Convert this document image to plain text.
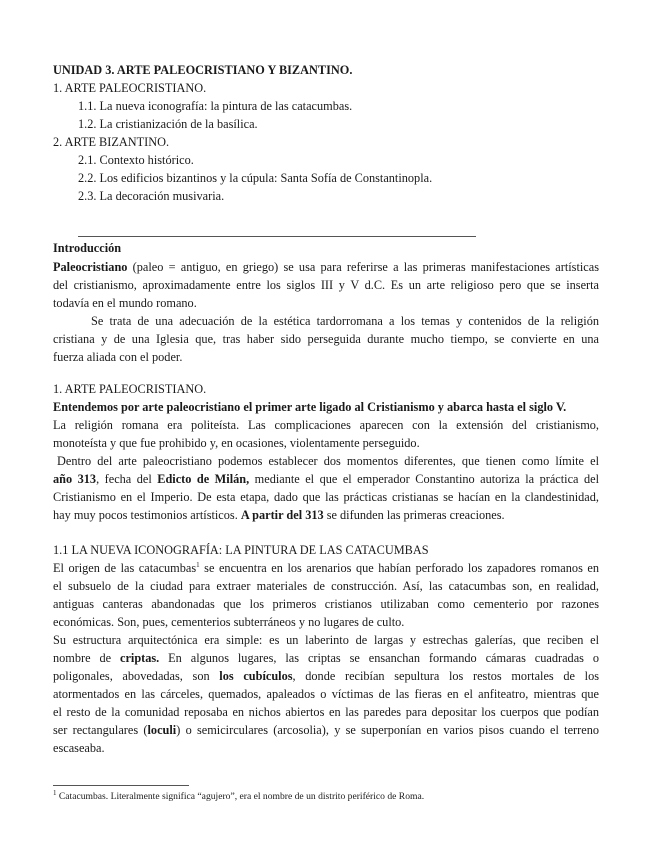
UNIDAD 3. ARTE PALEOCRISTIANO Y BIZANTINO.
1. ARTE PALEOCRISTIANO.
1.1. La nueva iconografía: la pintura de las catacumbas.
1.2. La cristianización de la basílica.
2. ARTE BIZANTINO.
2.1. Contexto histórico.
2.2. Los edificios bizantinos y la cúpula: Santa Sofía de Constantinopla.
2.3. La decoración musivaria.
Introducción
Paleocristiano (paleo = antiguo, en griego) se usa para referirse a las primeras manifestaciones artísticas
del cristianismo, aproximadamente entre los siglos III y V d.C. Es un arte religioso pero que se inserta
todavía en el mundo romano.
Se trata de una adecuación de la estética tardorromana a los temas y contenidos de la religión
cristiana y de una Iglesia que, tras haber sido perseguida durante mucho tiempo, se convierte en una
fuerza aliada con el poder.
1. ARTE PALEOCRISTIANO.
Entendemos por arte paleocristiano el primer arte ligado al Cristianismo y abarca hasta el siglo V.
La religión romana era politeísta. Las complicaciones aparecen con la extensión del cristianismo,
monoteísta y que fue prohibido y, en ocasiones, violentamente perseguido.
Dentro del arte paleocristiano podemos establecer dos momentos diferentes, que tienen como límite el
año 313, fecha del Edicto de Milán, mediante el que el emperador Constantino autoriza la práctica del
Cristianismo en el Imperio. De esta etapa, dado que las prácticas cristianas se hacían en la clandestinidad,
hay muy pocos testimonios artísticos. A partir del 313 se difunden las primeras creaciones.
1.1 LA NUEVA ICONOGRAFÍA: LA PINTURA DE LAS CATACUMBAS
El origen de las catacumbas$^1$ se encuentra en los arenarios que habían perforado los zapadores romanos en
el subsuelo de la ciudad para extraer materiales de construcción. Así, las catacumbas son, en realidad,
antiguas canteras abandonadas que los primeros cristianos utilizaban como cementerio por razones
económicas. Son, pues, cementerios subterráneos y no lugares de culto.
Su estructura arquitectónica era simple: es un laberinto de largas y estrechas galerías, que reciben el
nombre de criptas. En algunos lugares, las criptas se ensanchan formando cámaras cuadradas o
poligonales, abovedadas, son los cubículos, donde recibían sepultura los restos mortales de los
atormentados en las cárceles, quemados, apaleados o víctimas de las fieras en el anfiteatro, mientras que
el resto de la comunidad reposaba en nichos abiertos en las paredes para depositar los cuerpos que podían
ser rectangulares (loculi) o semicirculares (arcosolia), y se superponían en varios pisos cuando el terreno
escaseaba.
$^1$ Catacumbas. Literalmente significa “agujero”, era el nombre de un distrito periférico de Roma.
